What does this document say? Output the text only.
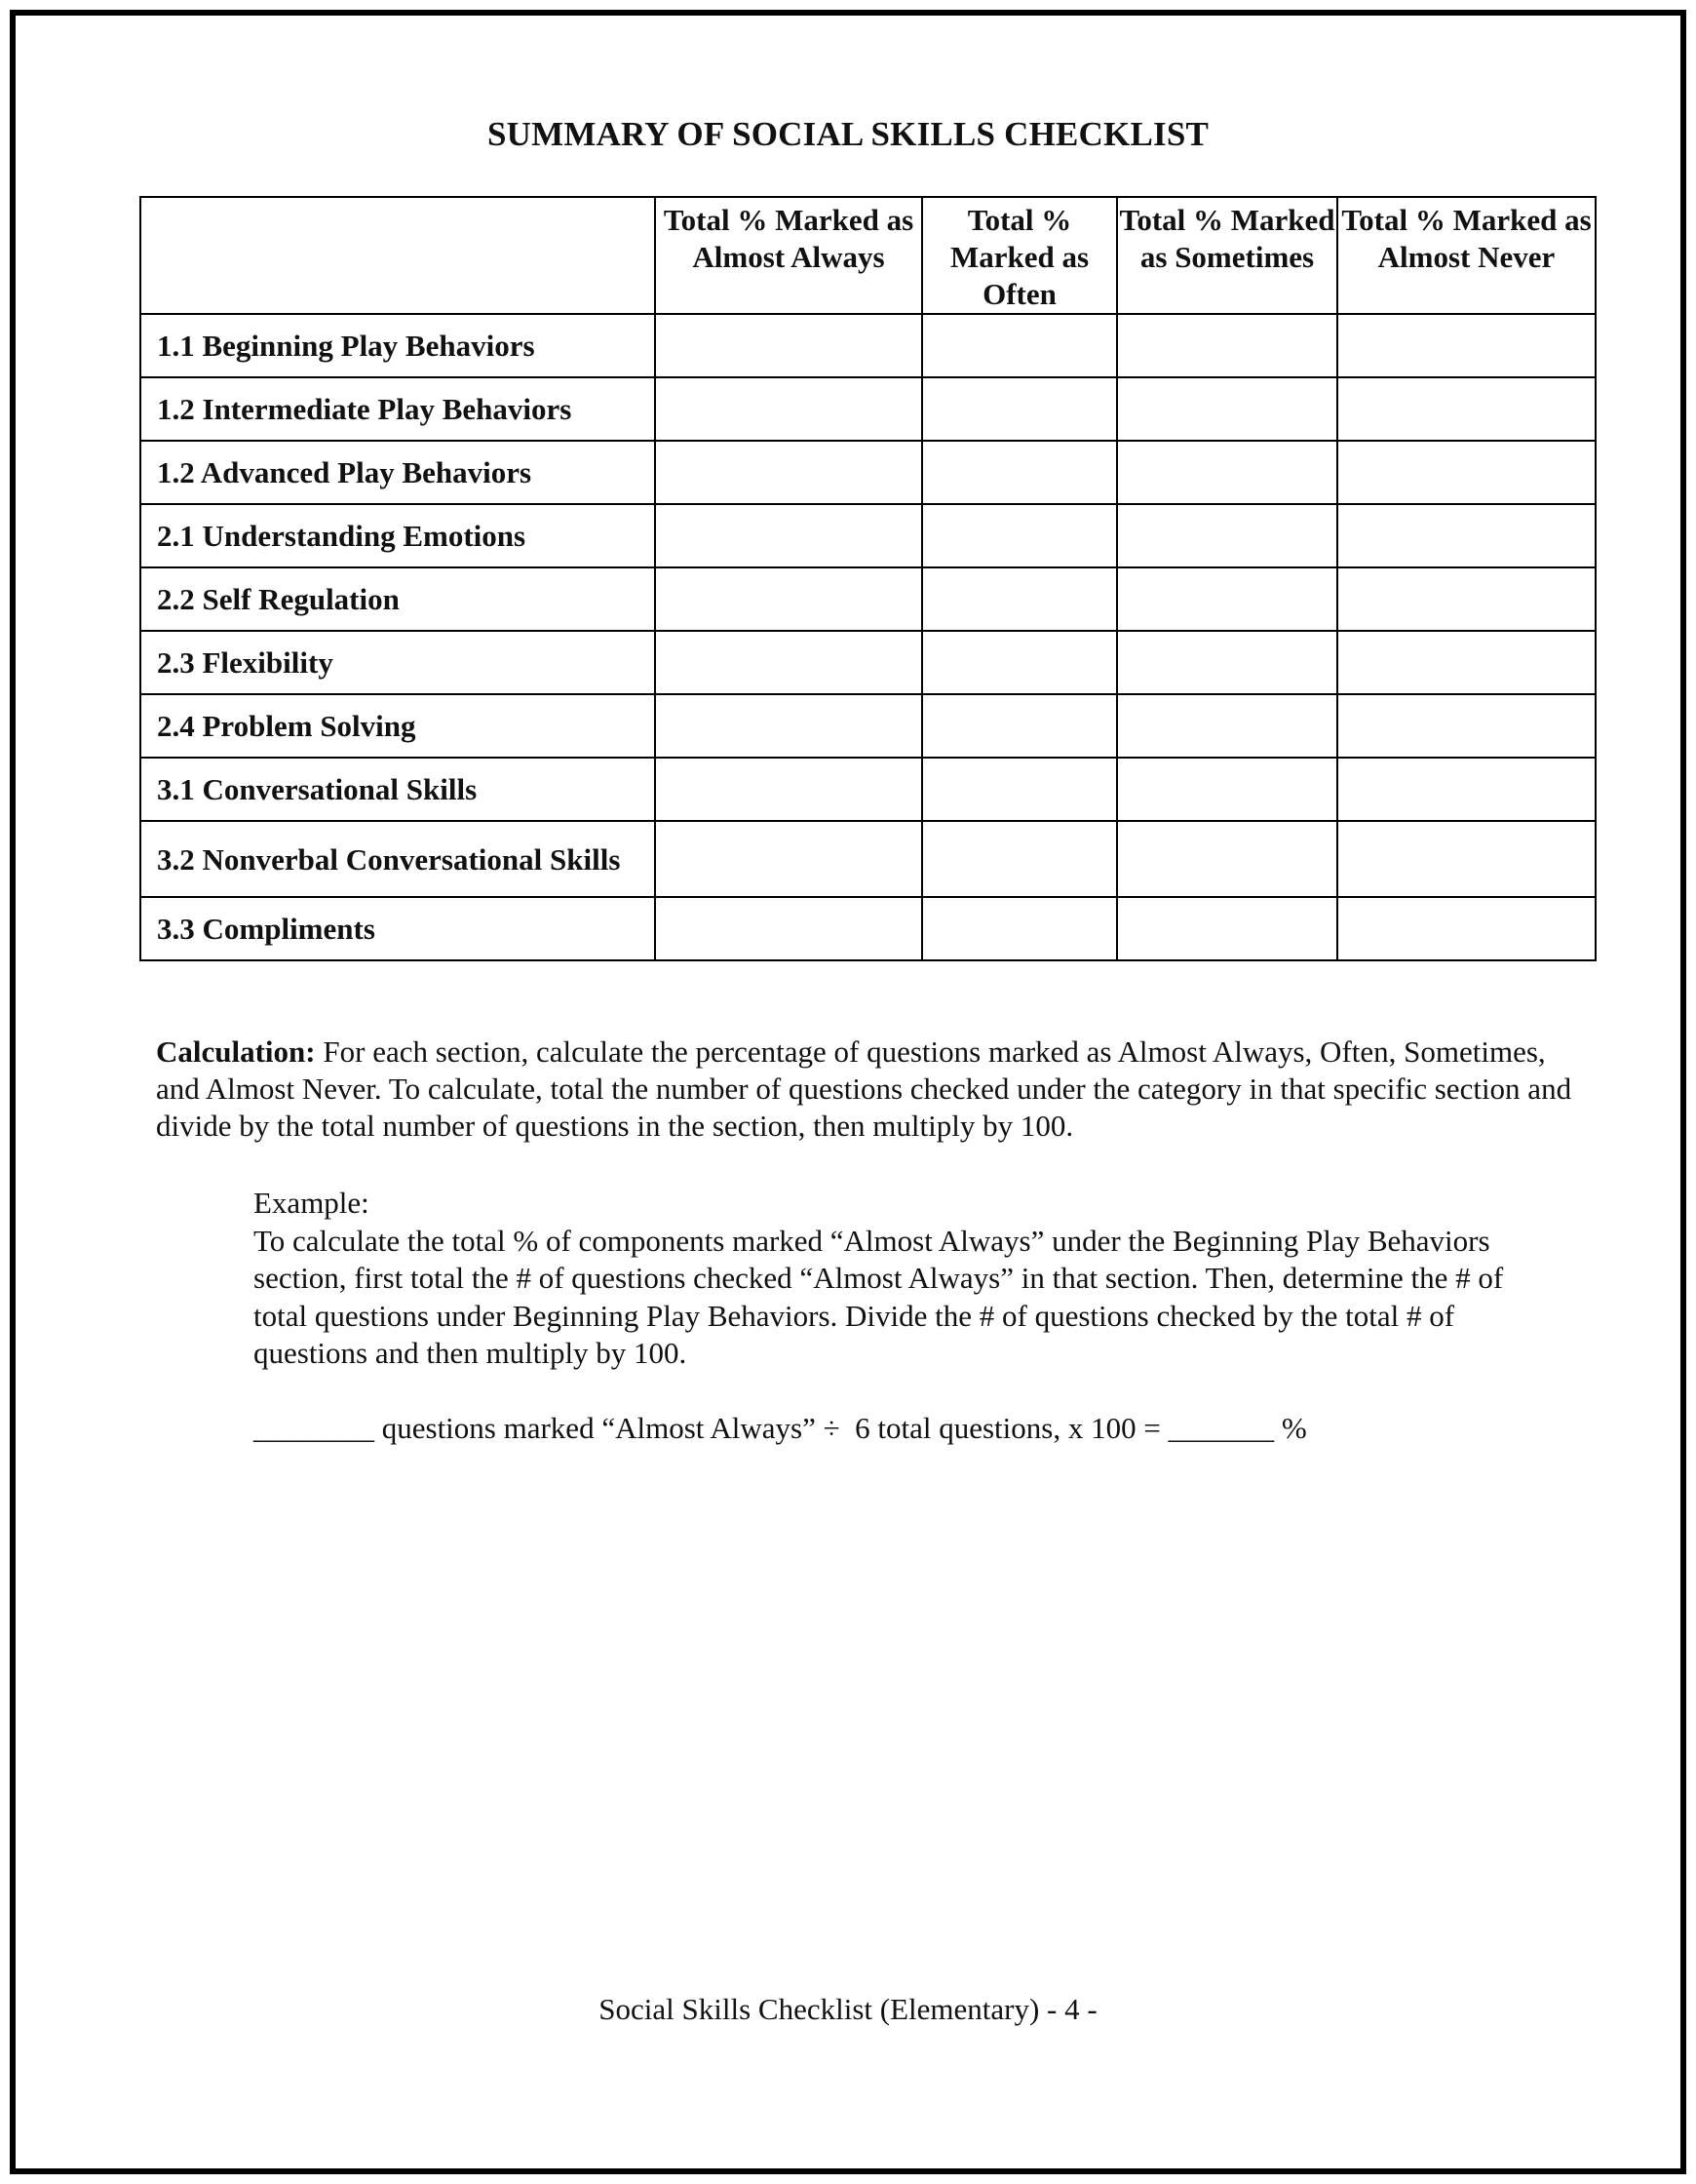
SUMMARY OF SOCIAL SKILLS CHECKLIST
	Total % Marked as Almost Always	Total % Marked as Often	Total % Marked as Sometimes	Total % Marked as Almost Never
1.1 Beginning Play Behaviors				
1.2 Intermediate Play Behaviors				
1.2 Advanced Play Behaviors				
2.1 Understanding Emotions				
2.2 Self Regulation				
2.3 Flexibility				
2.4 Problem Solving				
3.1 Conversational Skills				

3.2 Nonverbal Conversational Skills				

3.3 Compliments				
Calculation: For each section, calculate the percentage of questions marked as Almost Always, Often, Sometimes, and Almost Never. To calculate, total the number of questions checked under the category in that specific section and divide by the total number of questions in the section, then multiply by 100.
Example:
To calculate the total % of components marked “Almost Always” under the Beginning Play Behaviors section, first total the # of questions checked “Almost Always” in that section. Then, determine the # of total questions under Beginning Play Behaviors. Divide the # of questions checked by the total # of questions and then multiply by 100.
________ questions marked “Almost Always” ÷  6 total questions, x 100 = _______ %
Social Skills Checklist (Elementary) - 4 -
